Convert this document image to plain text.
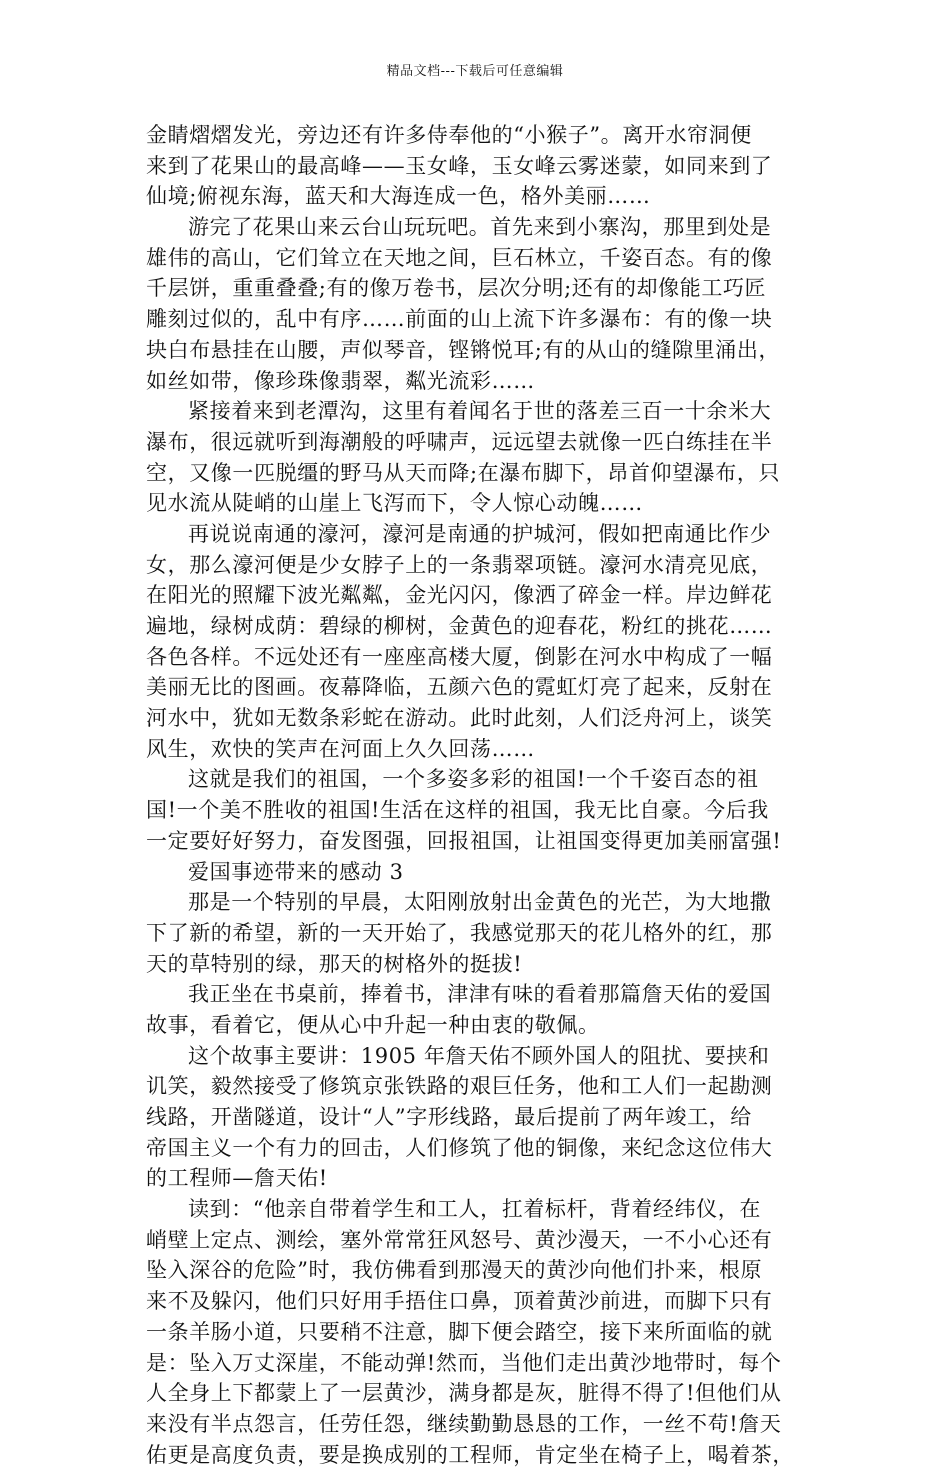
精品文档---下载后可任意编辑
金睛熠熠发光，旁边还有许多侍奉他的“小猴子”。离开水帘洞便
来到了花果山的最高峰——玉女峰，玉女峰云雾迷蒙，如同来到了
仙境;俯视东海，蓝天和大海连成一色，格外美丽……
游完了花果山来云台山玩玩吧。首先来到小寨沟，那里到处是
雄伟的高山，它们耸立在天地之间，巨石林立，千姿百态。有的像
千层饼，重重叠叠;有的像万卷书，层次分明;还有的却像能工巧匠
雕刻过似的，乱中有序……前面的山上流下许多瀑布：有的像一块
块白布悬挂在山腰，声似琴音，铿锵悦耳;有的从山的缝隙里涌出，
如丝如带，像珍珠像翡翠，粼光流彩……
紧接着来到老潭沟，这里有着闻名于世的落差三百一十余米大
瀑布，很远就听到海潮般的呼啸声，远远望去就像一匹白练挂在半
空，又像一匹脱缰的野马从天而降;在瀑布脚下，昂首仰望瀑布，只
见水流从陡峭的山崖上飞泻而下，令人惊心动魄……
再说说南通的濠河，濠河是南通的护城河，假如把南通比作少
女，那么濠河便是少女脖子上的一条翡翠项链。濠河水清亮见底，
在阳光的照耀下波光粼粼，金光闪闪，像洒了碎金一样。岸边鲜花
遍地，绿树成荫：碧绿的柳树，金黄色的迎春花，粉红的挑花……
各色各样。不远处还有一座座高楼大厦，倒影在河水中构成了一幅
美丽无比的图画。夜幕降临，五颜六色的霓虹灯亮了起来，反射在
河水中，犹如无数条彩蛇在游动。此时此刻，人们泛舟河上，谈笑
风生，欢快的笑声在河面上久久回荡……
这就是我们的祖国，一个多姿多彩的祖国!一个千姿百态的祖
国!一个美不胜收的祖国!生活在这样的祖国，我无比自豪。今后我
一定要好好努力，奋发图强，回报祖国，让祖国变得更加美丽富强!
爱国事迹带来的感动 3
那是一个特别的早晨，太阳刚放射出金黄色的光芒，为大地撒
下了新的希望，新的一天开始了，我感觉那天的花儿格外的红，那
天的草特别的绿，那天的树格外的挺拔!
我正坐在书桌前，捧着书，津津有味的看着那篇詹天佑的爱国
故事，看着它，便从心中升起一种由衷的敬佩。
这个故事主要讲：1905 年詹天佑不顾外国人的阻扰、要挟和
讥笑，毅然接受了修筑京张铁路的艰巨任务，他和工人们一起勘测
线路，开凿隧道，设计“人”字形线路，最后提前了两年竣工，给
帝国主义一个有力的回击，人们修筑了他的铜像，来纪念这位伟大
的工程师—詹天佑!
读到：“他亲自带着学生和工人，扛着标杆，背着经纬仪，在
峭壁上定点、测绘，塞外常常狂风怒号、黄沙漫天，一不小心还有
坠入深谷的危险”时，我仿佛看到那漫天的黄沙向他们扑来，根原
来不及躲闪，他们只好用手捂住口鼻，顶着黄沙前进，而脚下只有
一条羊肠小道，只要稍不注意，脚下便会踏空，接下来所面临的就
是：坠入万丈深崖，不能动弹!然而，当他们走出黄沙地带时，每个
人全身上下都蒙上了一层黄沙，满身都是灰，脏得不得了!但他们从
来没有半点怨言，任劳任怨，继续勤勤恳恳的工作，一丝不苟!詹天
佑更是高度负责，要是换成别的工程师，肯定坐在椅子上，喝着茶，
